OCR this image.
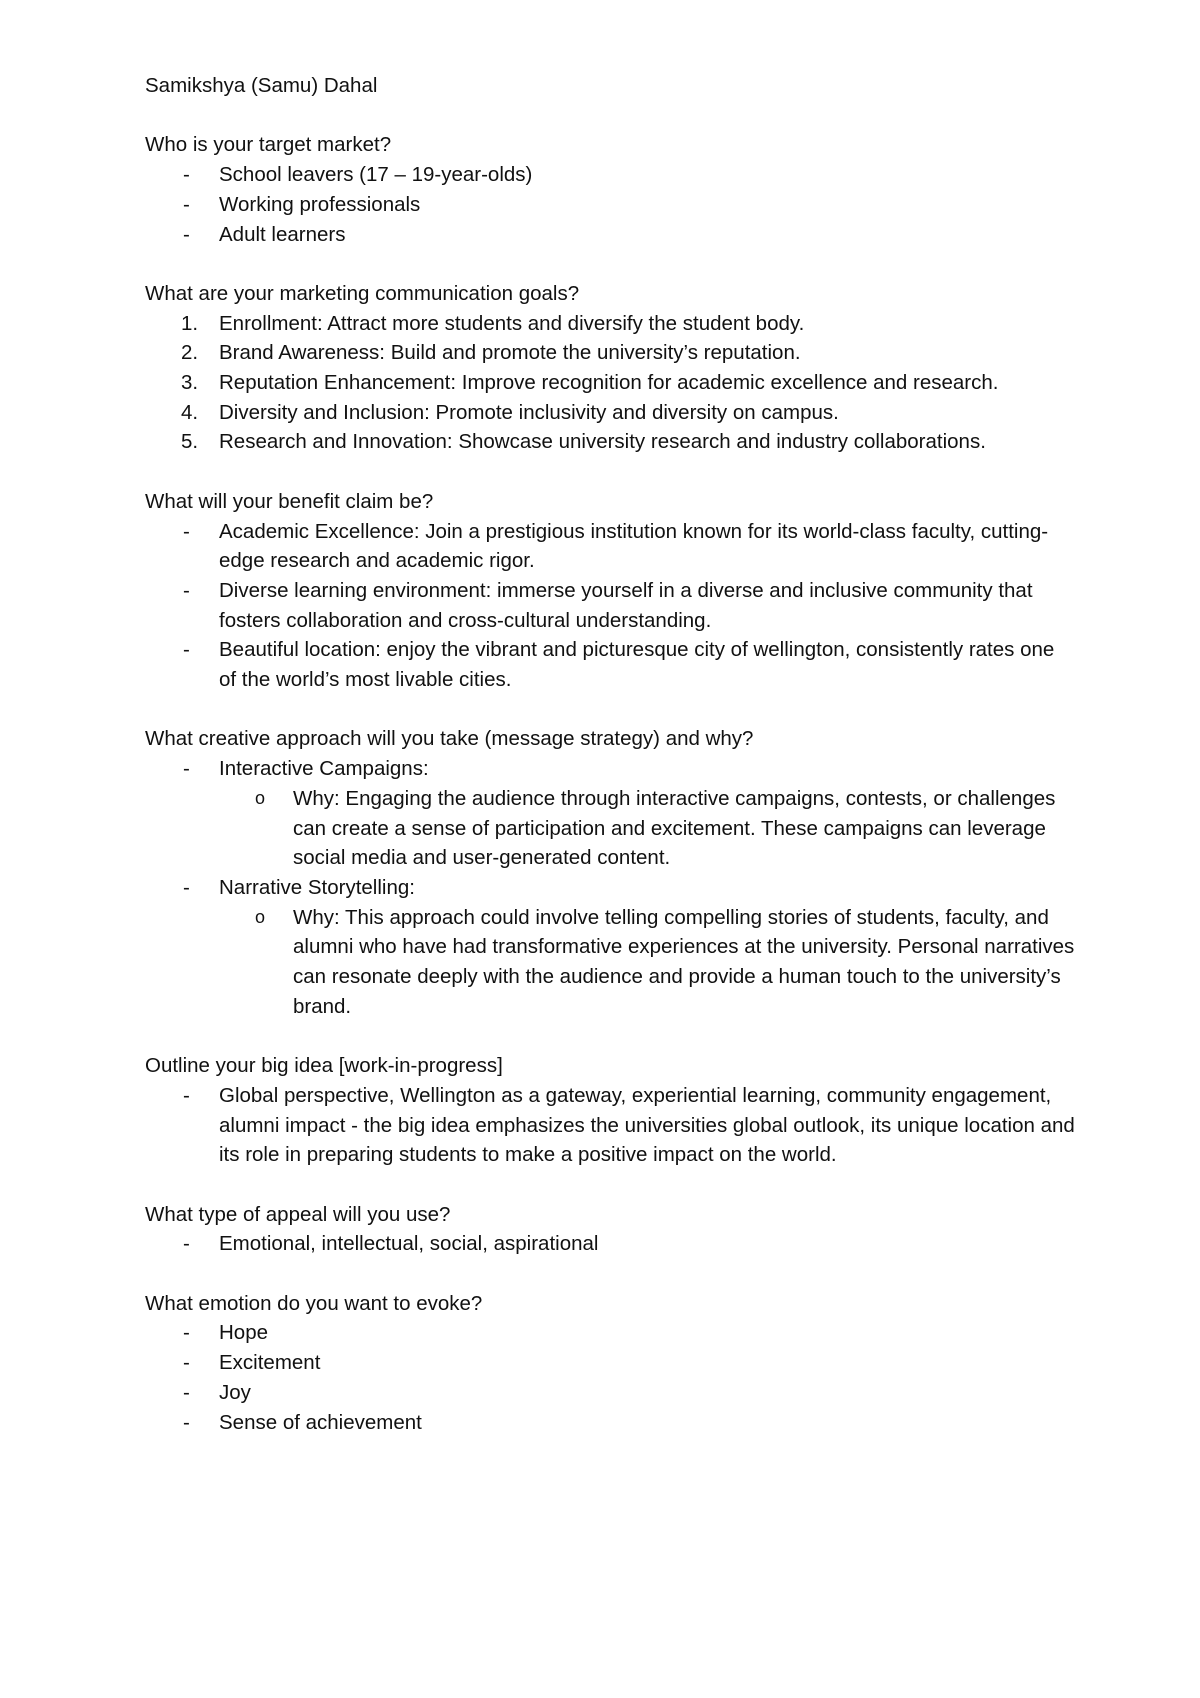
Samikshya (Samu) Dahal

Who is your target market?

- School leavers (17 – 19-year-olds)
- Working professionals
- Adult learners

What are your marketing communication goals?

1. Enrollment: Attract more students and diversify the student body.
2. Brand Awareness: Build and promote the university’s reputation.
3. Reputation Enhancement: Improve recognition for academic excellence and research.
4. Diversity and Inclusion: Promote inclusivity and diversity on campus.
5. Research and Innovation: Showcase university research and industry collaborations.

What will your benefit claim be?

- Academic Excellence: Join a prestigious institution known for its world-class faculty, cutting-edge research and academic rigor.
- Diverse learning environment: immerse yourself in a diverse and inclusive community that fosters collaboration and cross-cultural understanding.
- Beautiful location: enjoy the vibrant and picturesque city of wellington, consistently rates one of the world’s most livable cities.

What creative approach will you take (message strategy) and why?

- Interactive Campaigns:
o Why: Engaging the audience through interactive campaigns, contests, or challenges can create a sense of participation and excitement. These campaigns can leverage social media and user-generated content.
- Narrative Storytelling:
o Why: This approach could involve telling compelling stories of students, faculty, and alumni who have had transformative experiences at the university. Personal narratives can resonate deeply with the audience and provide a human touch to the university’s brand.

Outline your big idea [work-in-progress]

- Global perspective, Wellington as a gateway, experiential learning, community engagement, alumni impact - the big idea emphasizes the universities global outlook, its unique location and its role in preparing students to make a positive impact on the world.

What type of appeal will you use?

- Emotional, intellectual, social, aspirational

What emotion do you want to evoke?

- Hope
- Excitement
- Joy
- Sense of achievement
